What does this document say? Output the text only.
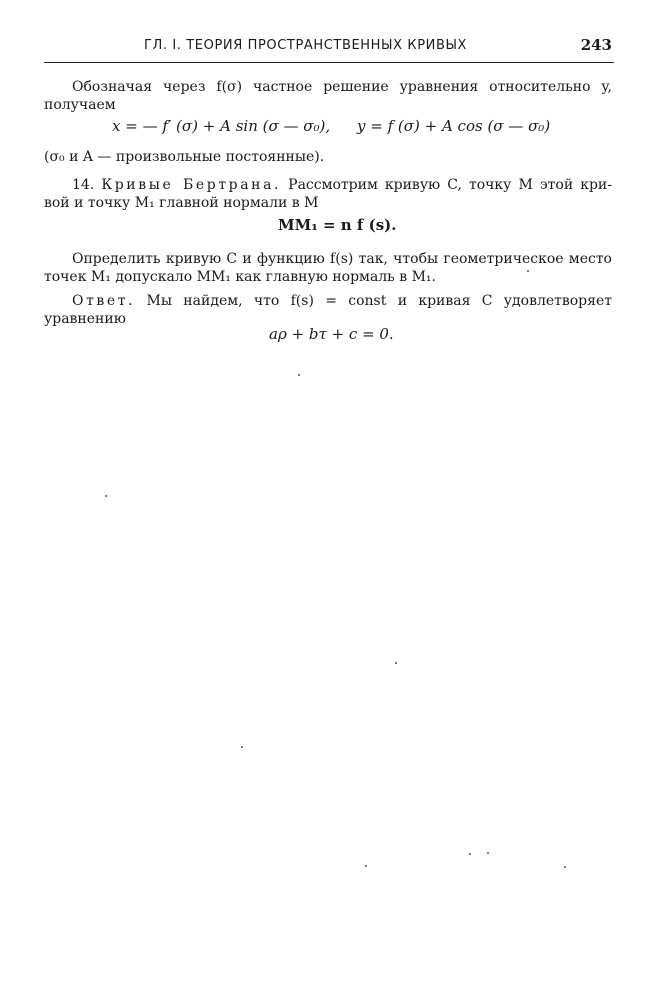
ГЛ. I. ТЕОРИЯ ПРОСТРАНСТВЕННЫХ КРИВЫХ	243
Обозначая через f(σ) частное решение уравнения относительно y,
получаем
x = — f′ (σ) + A sin (σ — σ₀), y = f (σ) + A cos (σ — σ₀)
(σ₀ и A — произвольные постоянные).
14. Кривые Бертрана. Рассмотрим кривую C, точку M этой кри-
вой и точку M₁ главной нормали в M
MM₁ = n f (s).
Определить кривую C и функцию f(s) так, чтобы геометрическое место
точек M₁ допускало MM₁ как главную нормаль в M₁.
Ответ. Мы найдем, что f(s) = const и кривая C удовлетворяет
уравнению
aρ + bτ + c = 0.
